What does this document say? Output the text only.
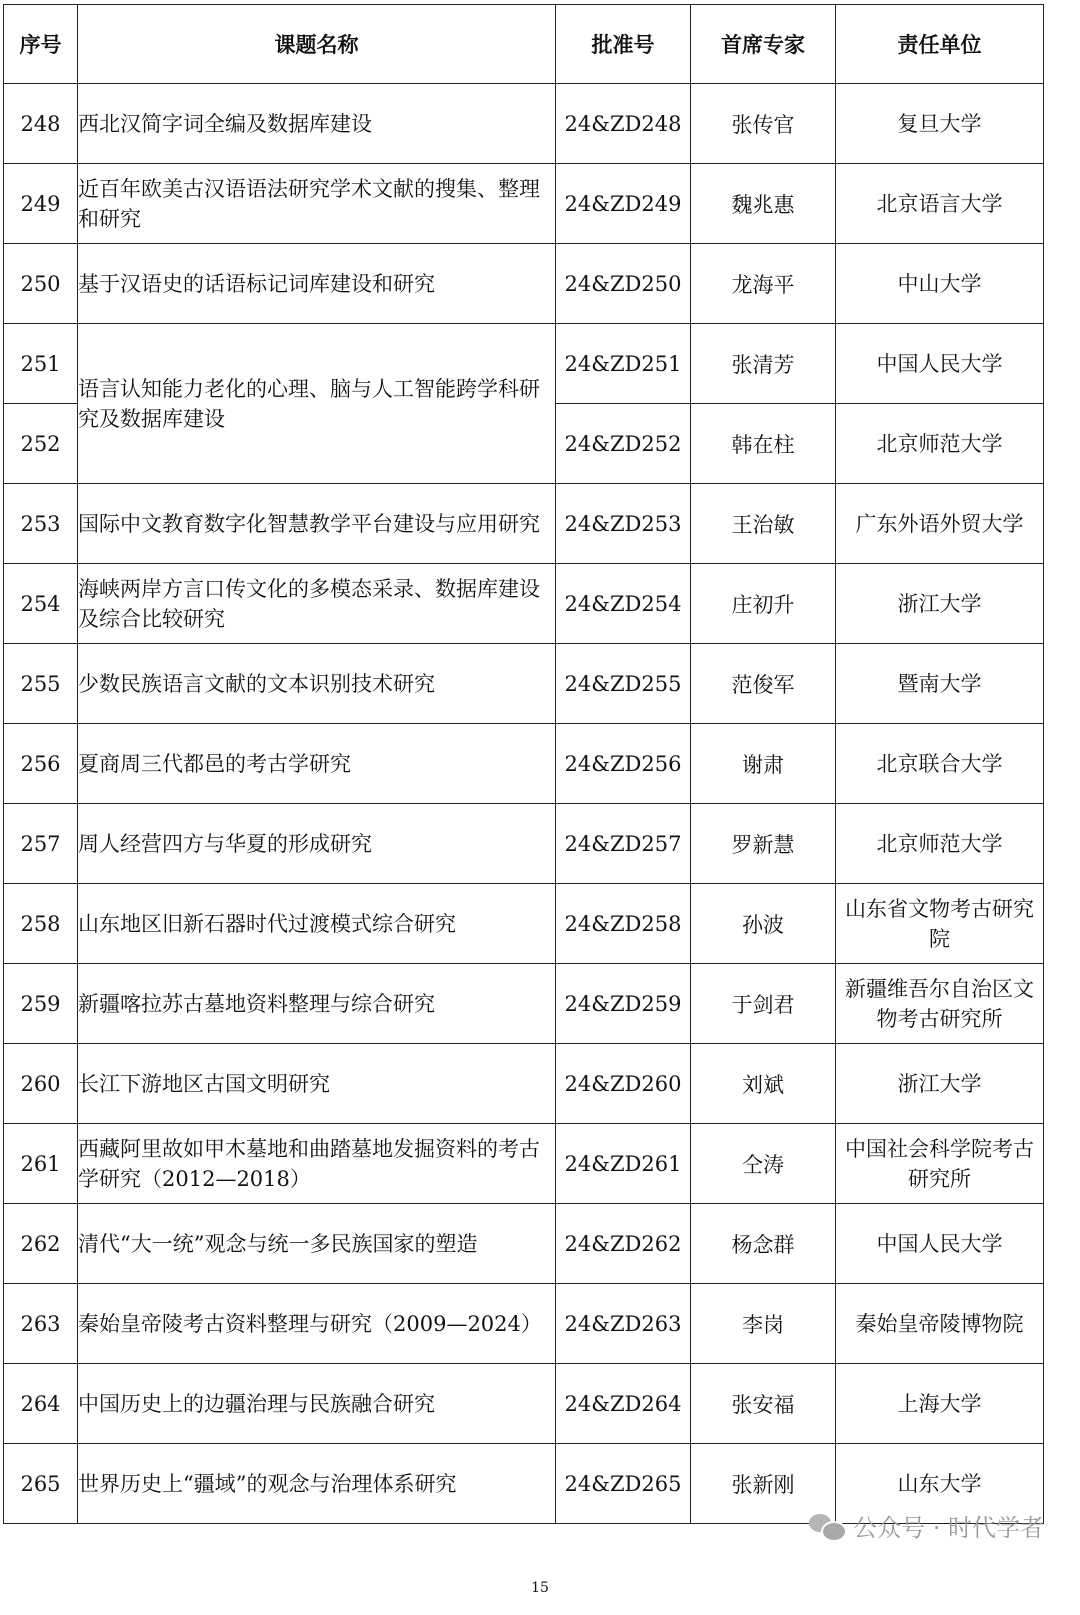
序号	课题名称	批准号	首席专家	责任单位
248	西北汉简字词全编及数据库建设	24&ZD248	张传官	复旦大学
249	近百年欧美古汉语语法研究学术文献的搜集、整理和研究	24&ZD249	魏兆惠	北京语言大学
250	基于汉语史的话语标记词库建设和研究	24&ZD250	龙海平	中山大学
251	语言认知能力老化的心理、脑与人工智能跨学科研究及数据库建设	24&ZD251	张清芳	中国人民大学
252		24&ZD252	韩在柱	北京师范大学
253	国际中文教育数字化智慧教学平台建设与应用研究	24&ZD253	王治敏	广东外语外贸大学
254	海峡两岸方言口传文化的多模态采录、数据库建设及综合比较研究	24&ZD254	庄初升	浙江大学
255	少数民族语言文献的文本识别技术研究	24&ZD255	范俊军	暨南大学
256	夏商周三代都邑的考古学研究	24&ZD256	谢肃	北京联合大学
257	周人经营四方与华夏的形成研究	24&ZD257	罗新慧	北京师范大学
258	山东地区旧新石器时代过渡模式综合研究	24&ZD258	孙波	山东省文物考古研究院
259	新疆喀拉苏古墓地资料整理与综合研究	24&ZD259	于剑君	新疆维吾尔自治区文物考古研究所
260	长江下游地区古国文明研究	24&ZD260	刘斌	浙江大学
261	西藏阿里故如甲木墓地和曲踏墓地发掘资料的考古学研究（2012—2018）	24&ZD261	仝涛	中国社会科学院考古研究所
262	清代“大一统”观念与统一多民族国家的塑造	24&ZD262	杨念群	中国人民大学
263	秦始皇帝陵考古资料整理与研究（2009—2024）	24&ZD263	李岗	秦始皇帝陵博物院
264	中国历史上的边疆治理与民族融合研究	24&ZD264	张安福	上海大学
265	世界历史上“疆域”的观念与治理体系研究	24&ZD265	张新刚	山东大学
公众号 · 时代学者
15
